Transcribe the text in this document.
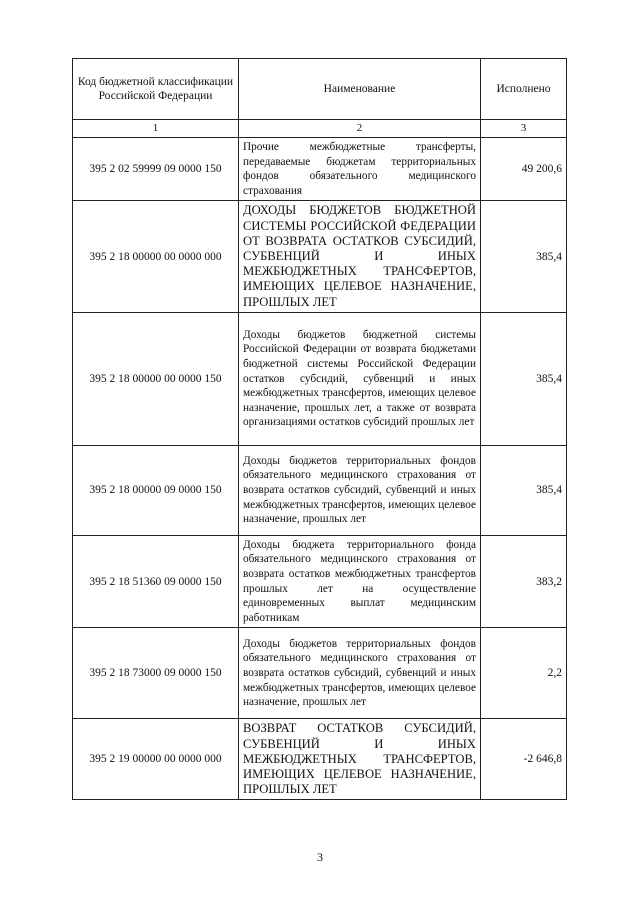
Код бюджетной классификации Российской Федерации	Наименование	Исполнено
1	2	3
395 2 02 59999 09 0000 150	Прочие межбюджетные трансферты, передаваемые бюджетам территориальных фондов обязательного медицинского страхования	49 200,6
395 2 18 00000 00 0000 000	ДОХОДЫ БЮДЖЕТОВ БЮДЖЕТНОЙ СИСТЕМЫ РОССИЙСКОЙ ФЕДЕРАЦИИ ОТ ВОЗВРАТА ОСТАТКОВ СУБСИДИЙ, СУБВЕНЦИЙ И ИНЫХ МЕЖБЮДЖЕТНЫХ ТРАНСФЕРТОВ, ИМЕЮЩИХ ЦЕЛЕВОЕ НАЗНАЧЕНИЕ, ПРОШЛЫХ ЛЕТ	385,4
395 2 18 00000 00 0000 150	Доходы бюджетов бюджетной системы Российской Федерации от возврата бюджетами бюджетной системы Российской Федерации остатков субсидий, субвенций и иных межбюджетных трансфертов, имеющих целевое назначение, прошлых лет, а также от возврата организациями остатков субсидий прошлых лет	385,4
395 2 18 00000 09 0000 150	Доходы бюджетов территориальных фондов обязательного медицинского страхования от возврата остатков субсидий, субвенций и иных межбюджетных трансфертов, имеющих целевое назначение, прошлых лет	385,4
395 2 18 51360 09 0000 150	Доходы бюджета территориального фонда обязательного медицинского страхования от возврата остатков межбюджетных трансфертов прошлых лет на осуществление единовременных выплат медицинским работникам	383,2
395 2 18 73000 09 0000 150	Доходы бюджетов территориальных фондов обязательного медицинского страхования от возврата остатков субсидий, субвенций и иных межбюджетных трансфертов, имеющих целевое назначение, прошлых лет	2,2
395 2 19 00000 00 0000 000	ВОЗВРАТ ОСТАТКОВ СУБСИДИЙ, СУБВЕНЦИЙ И ИНЫХ МЕЖБЮДЖЕТНЫХ ТРАНСФЕРТОВ, ИМЕЮЩИХ ЦЕЛЕВОЕ НАЗНАЧЕНИЕ, ПРОШЛЫХ ЛЕТ	-2 646,8
3
